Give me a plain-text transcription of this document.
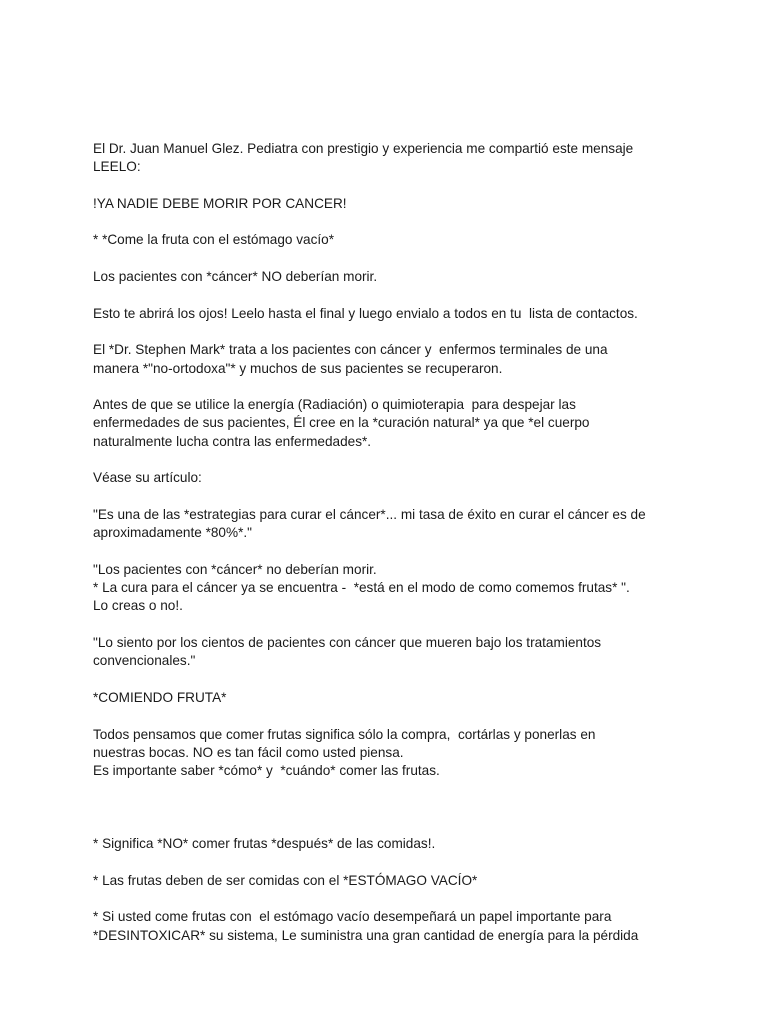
El Dr. Juan Manuel Glez. Pediatra con prestigio y experiencia me compartió este mensaje
LEELO:
!YA NADIE DEBE MORIR POR CANCER!
* *Come la fruta con el estómago vacío*
Los pacientes con *cáncer* NO deberían morir.
Esto te abrirá los ojos! Leelo hasta el final y luego envialo a todos en tu  lista de contactos.
El *Dr. Stephen Mark* trata a los pacientes con cáncer y  enfermos terminales de una
manera *"no-ortodoxa"* y muchos de sus pacientes se recuperaron.
Antes de que se utilice la energía (Radiación) o quimioterapia  para despejar las
enfermedades de sus pacientes, Él cree en la *curación natural* ya que *el cuerpo
naturalmente lucha contra las enfermedades*.
Véase su artículo:
"Es una de las *estrategias para curar el cáncer*... mi tasa de éxito en curar el cáncer es de
aproximadamente *80%*."
"Los pacientes con *cáncer* no deberían morir.
* La cura para el cáncer ya se encuentra -  *está en el modo de como comemos frutas* ".
Lo creas o no!.
"Lo siento por los cientos de pacientes con cáncer que mueren bajo los tratamientos
convencionales."
*COMIENDO FRUTA*
Todos pensamos que comer frutas significa sólo la compra,  cortárlas y ponerlas en
nuestras bocas. NO es tan fácil como usted piensa.
Es importante saber *cómo* y  *cuándo* comer las frutas.
* Significa *NO* comer frutas *después* de las comidas!.
* Las frutas deben de ser comidas con el *ESTÓMAGO VACÍO*
* Si usted come frutas con  el estómago vacío desempeñará un papel importante para
*DESINTOXICAR* su sistema, Le suministra una gran cantidad de energía para la pérdida
